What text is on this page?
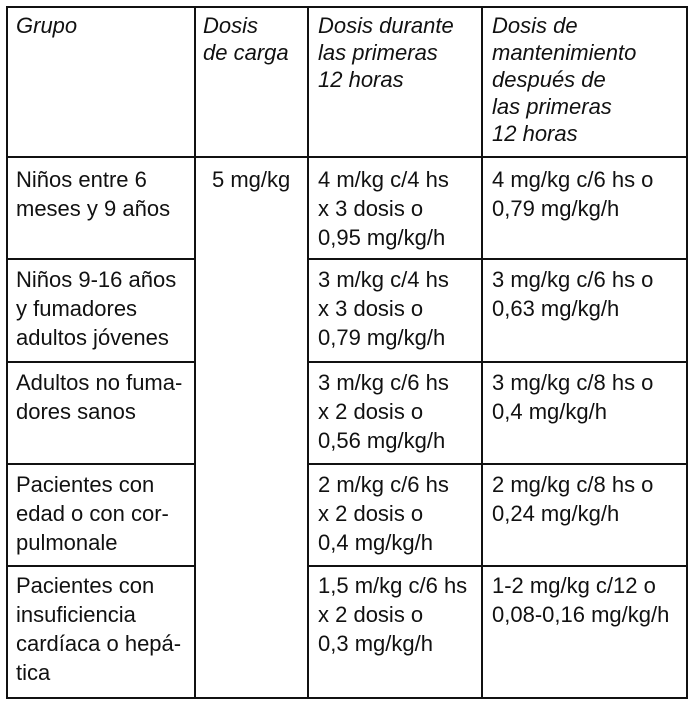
Grupo	Dosis
de carga

Dosis durante
las primeras
12 horas

Dosis de
mantenimiento
después de
las primeras
12 horas

5 mg/kg

Niños entre 6
meses y 9 años

4 m/kg c/4 hs
x 3 dosis o
0,95 mg/kg/h

4 mg/kg c/6 hs o
0,79 mg/kg/h

Niños 9-16 años
y fumadores
adultos jóvenes

3 m/kg c/4 hs
x 3 dosis o
0,79 mg/kg/h

3 mg/kg c/6 hs o
0,63 mg/kg/h

Adultos no fuma-
dores sanos

3 m/kg c/6 hs
x 2 dosis o
0,56 mg/kg/h

3 mg/kg c/8 hs o
0,4 mg/kg/h

Pacientes con
edad o con cor-
pulmonale

2 m/kg c/6 hs
x 2 dosis o
0,4 mg/kg/h

2 mg/kg c/8 hs o
0,24 mg/kg/h

Pacientes con
insuficiencia
cardíaca o hepá-
tica

1,5 m/kg c/6 hs
x 2 dosis o
0,3 mg/kg/h

1-2 mg/kg c/12 o
0,08-0,16 mg/kg/h
